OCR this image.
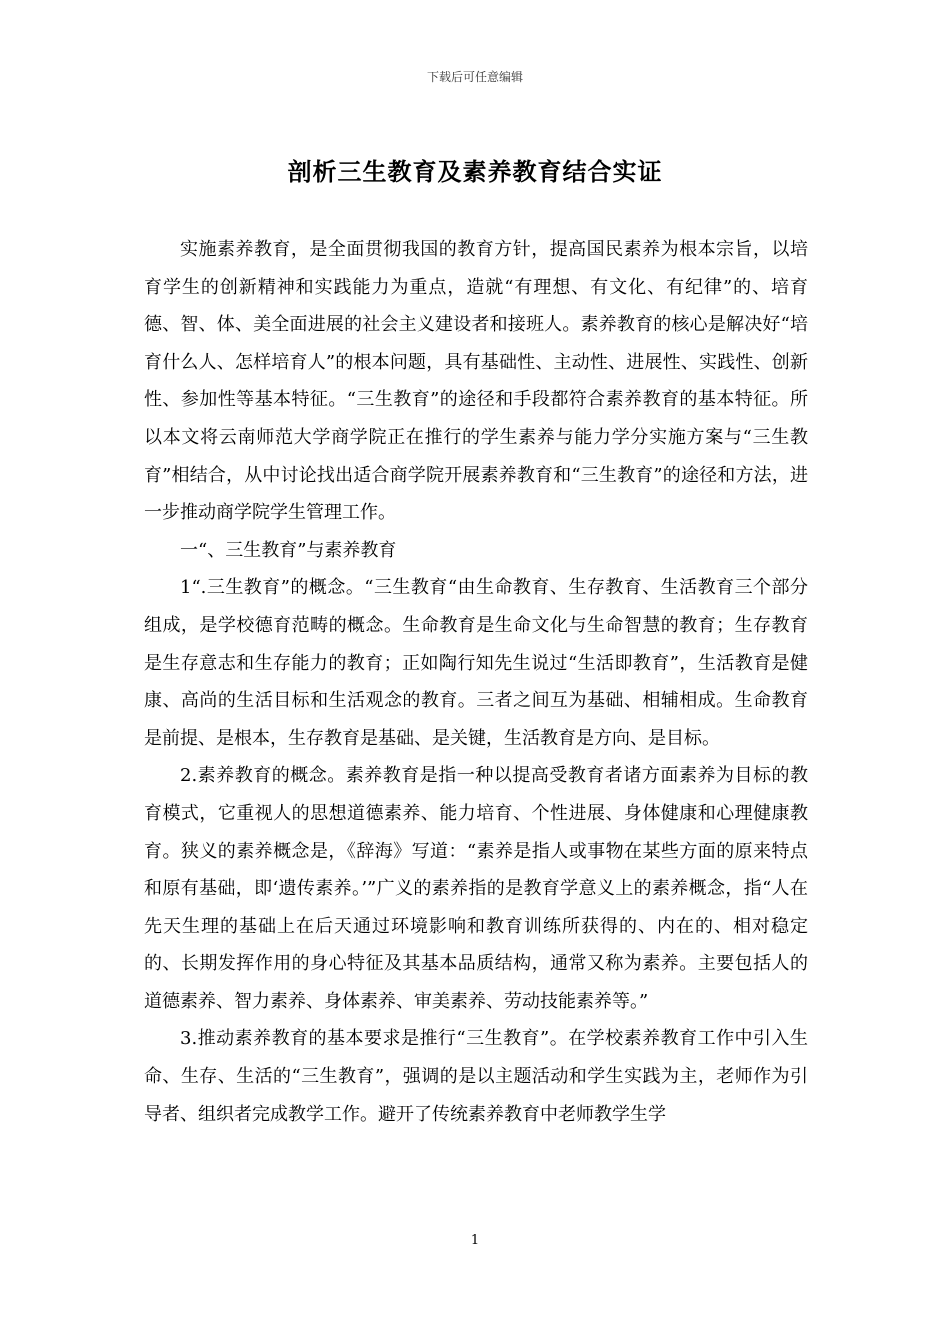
下载后可任意编辑
剖析三生教育及素养教育结合实证

实施素养教育，是全面贯彻我国的教育方针，提高国民素养为根本宗旨，以培育学生的创新精神和实践能力为重点，造就“有理想、有文化、有纪律”的、培育德、智、体、美全面进展的社会主义建设者和接班人。素养教育的核心是解决好“培育什么人、怎样培育人”的根本问题，具有基础性、主动性、进展性、实践性、创新性、参加性等基本特征。“三生教育”的途径和手段都符合素养教育的基本特征。所以本文将云南师范大学商学院正在推行的学生素养与能力学分实施方案与“三生教育”相结合，从中讨论找出适合商学院开展素养教育和“三生教育”的途径和方法，进一步推动商学院学生管理工作。

一“、三生教育”与素养教育

1“.三生教育”的概念。“三生教育“由生命教育、生存教育、生活教育三个部分组成，是学校德育范畴的概念。生命教育是生命文化与生命智慧的教育；生存教育是生存意志和生存能力的教育；正如陶行知先生说过“生活即教育”，生活教育是健康、高尚的生活目标和生活观念的教育。三者之间互为基础、相辅相成。生命教育是前提、是根本，生存教育是基础、是关键，生活教育是方向、是目标。

2.素养教育的概念。素养教育是指一种以提高受教育者诸方面素养为目标的教育模式，它重视人的思想道德素养、能力培育、个性进展、身体健康和心理健康教育。狭义的素养概念是，《辞海》写道：“素养是指人或事物在某些方面的原来特点和原有基础，即‘遗传素养。’”广义的素养指的是教育学意义上的素养概念，指“人在先天生理的基础上在后天通过环境影响和教育训练所获得的、内在的、相对稳定的、长期发挥作用的身心特征及其基本品质结构，通常又称为素养。主要包括人的道德素养、智力素养、身体素养、审美素养、劳动技能素养等。”

3.推动素养教育的基本要求是推行“三生教育”。在学校素养教育工作中引入生命、生存、生活的“三生教育”，强调的是以主题活动和学生实践为主，老师作为引导者、组织者完成教学工作。避开了传统素养教育中老师教学生学

1
